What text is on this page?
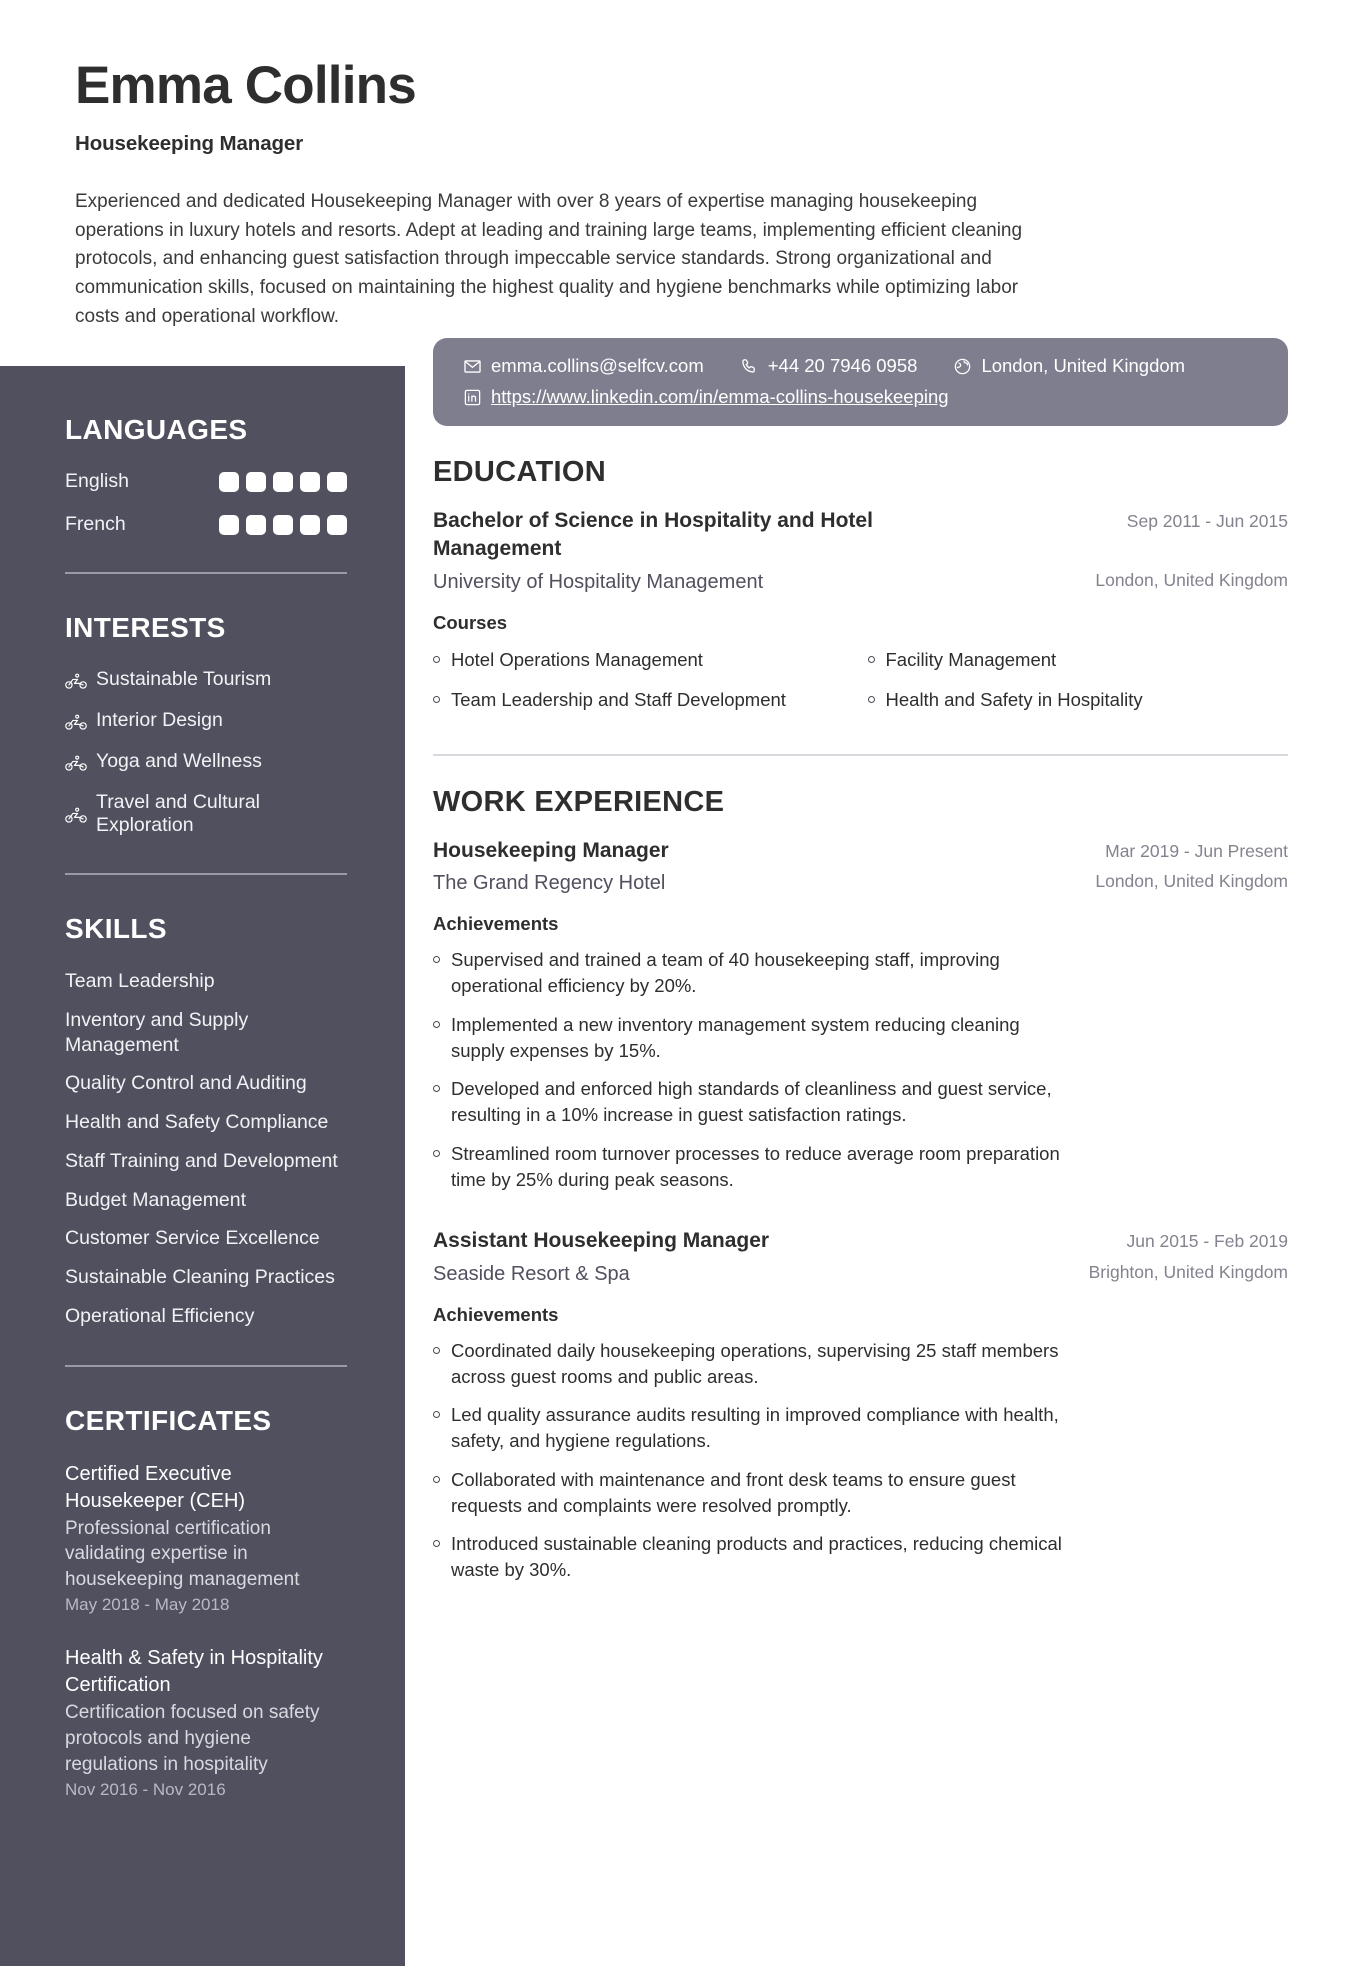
Emma Collins
Housekeeping Manager
Experienced and dedicated Housekeeping Manager with over 8 years of expertise managing housekeeping operations in luxury hotels and resorts. Adept at leading and training large teams, implementing efficient cleaning protocols, and enhancing guest satisfaction through impeccable service standards. Strong organizational and communication skills, focused on maintaining the highest quality and hygiene benchmarks while optimizing labor costs and operational workflow.
LANGUAGES
English
French
INTERESTS
Sustainable Tourism
Interior Design
Yoga and Wellness
Travel and Cultural Exploration
SKILLS
Team Leadership
Inventory and Supply Management
Quality Control and Auditing
Health and Safety Compliance
Staff Training and Development
Budget Management
Customer Service Excellence
Sustainable Cleaning Practices
Operational Efficiency
CERTIFICATES
Certified Executive Housekeeper (CEH)
Professional certification validating expertise in housekeeping management
May 2018 - May 2018
Health & Safety in Hospitality Certification
Certification focused on safety protocols and hygiene regulations in hospitality
Nov 2016 - Nov 2016
emma.collins@selfcv.com	+44 20 7946 0958	London, United Kingdom
https://www.linkedin.com/in/emma-collins-housekeeping
EDUCATION
Bachelor of Science in Hospitality and Hotel Management
Sep 2011 - Jun 2015
University of Hospitality Management	London, United Kingdom
Courses
Hotel Operations Management	Facility Management
Team Leadership and Staff Development	Health and Safety in Hospitality
WORK EXPERIENCE
Housekeeping Manager	Mar 2019 - Jun Present
The Grand Regency Hotel	London, United Kingdom
Achievements
Supervised and trained a team of 40 housekeeping staff, improving operational efficiency by 20%.
Implemented a new inventory management system reducing cleaning supply expenses by 15%.
Developed and enforced high standards of cleanliness and guest service, resulting in a 10% increase in guest satisfaction ratings.
Streamlined room turnover processes to reduce average room preparation time by 25% during peak seasons.
Assistant Housekeeping Manager	Jun 2015 - Feb 2019
Seaside Resort & Spa	Brighton, United Kingdom
Achievements
Coordinated daily housekeeping operations, supervising 25 staff members across guest rooms and public areas.
Led quality assurance audits resulting in improved compliance with health, safety, and hygiene regulations.
Collaborated with maintenance and front desk teams to ensure guest requests and complaints were resolved promptly.
Introduced sustainable cleaning products and practices, reducing chemical waste by 30%.
